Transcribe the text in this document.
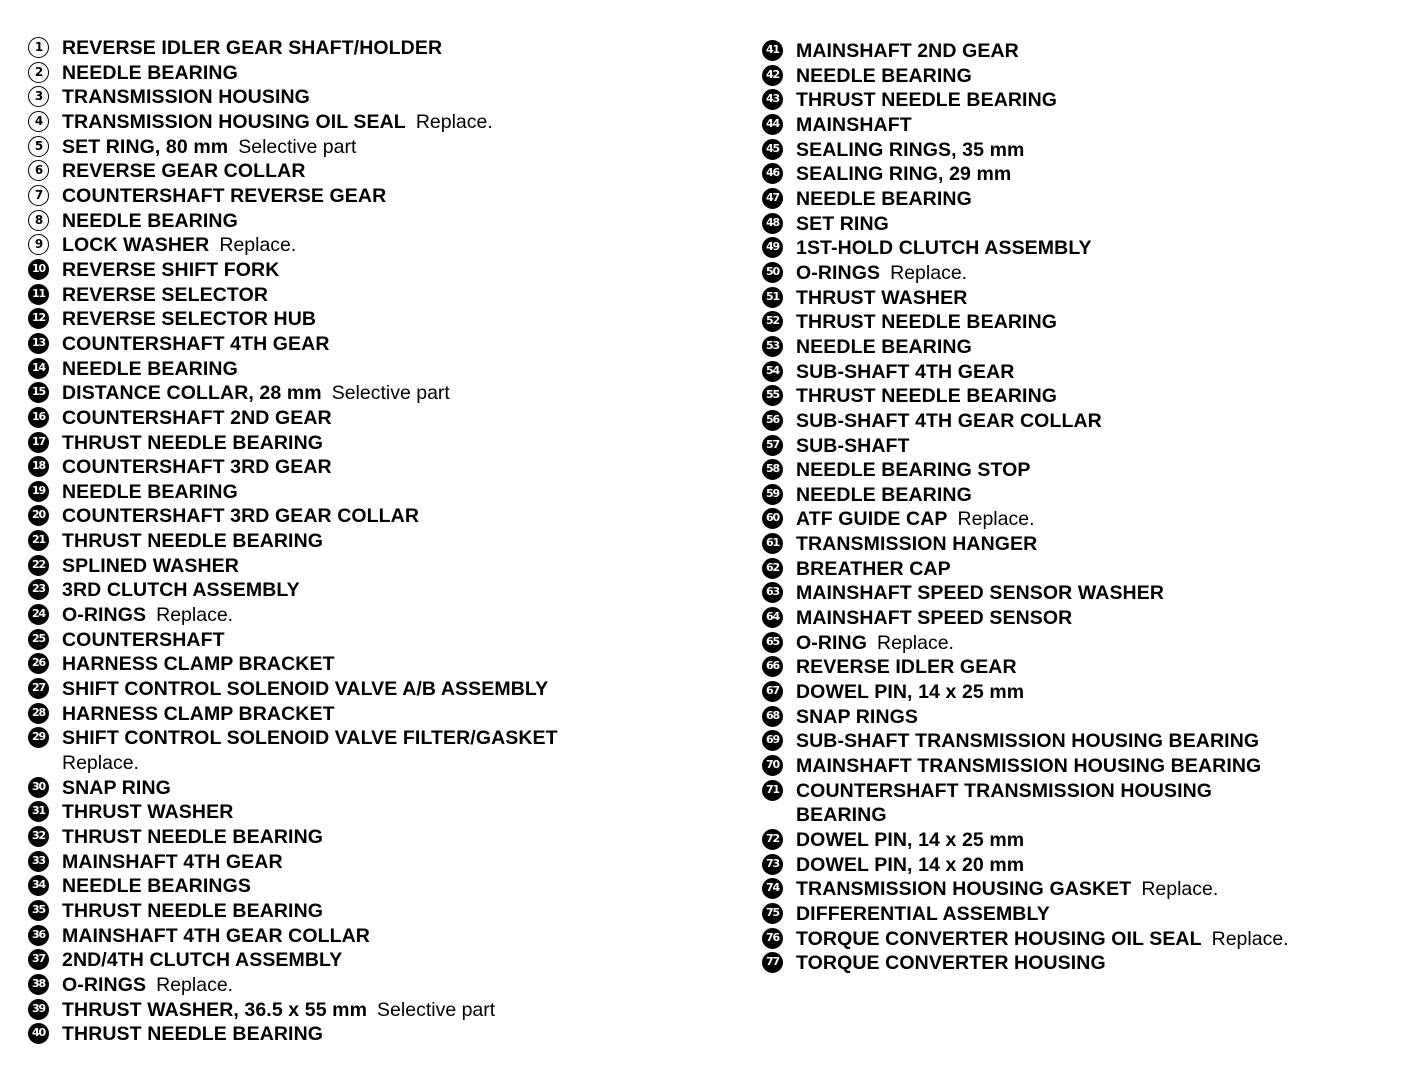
1	REVERSE IDLER GEAR SHAFT/HOLDER
2	NEEDLE BEARING
3	TRANSMISSION HOUSING
4	TRANSMISSION HOUSING OIL SEAL Replace.
5	SET RING, 80 mm Selective part
6	REVERSE GEAR COLLAR
7	COUNTERSHAFT REVERSE GEAR
8	NEEDLE BEARING
9	LOCK WASHER Replace.
10 REVERSE SHIFT FORK
11 REVERSE SELECTOR
12 REVERSE SELECTOR HUB
13 COUNTERSHAFT 4TH GEAR
14 NEEDLE BEARING
15 DISTANCE COLLAR, 28 mm Selective part
16 COUNTERSHAFT 2ND GEAR
17 THRUST NEEDLE BEARING
18 COUNTERSHAFT 3RD GEAR
19 NEEDLE BEARING
20 COUNTERSHAFT 3RD GEAR COLLAR
21 THRUST NEEDLE BEARING
22 SPLINED WASHER
23 3RD CLUTCH ASSEMBLY
24 O-RINGS Replace.
25 COUNTERSHAFT
26 HARNESS CLAMP BRACKET
27 SHIFT CONTROL SOLENOID VALVE A/B ASSEMBLY
28 HARNESS CLAMP BRACKET
29 SHIFT CONTROL SOLENOID VALVE FILTER/GASKET
Replace.
30 SNAP RING
31 THRUST WASHER
32 THRUST NEEDLE BEARING
33 MAINSHAFT 4TH GEAR
34 NEEDLE BEARINGS
35 THRUST NEEDLE BEARING
36 MAINSHAFT 4TH GEAR COLLAR
37 2ND/4TH CLUTCH ASSEMBLY
38 O-RINGS Replace.
39 THRUST WASHER, 36.5 x 55 mm Selective part
40 THRUST NEEDLE BEARING
41 MAINSHAFT 2ND GEAR
42 NEEDLE BEARING
43 THRUST NEEDLE BEARING
44 MAINSHAFT
45 SEALING RINGS, 35 mm
46 SEALING RING, 29 mm
47 NEEDLE BEARING
48 SET RING
49 1ST-HOLD CLUTCH ASSEMBLY
50 O-RINGS Replace.
51 THRUST WASHER
52 THRUST NEEDLE BEARING
53 NEEDLE BEARING
54 SUB-SHAFT 4TH GEAR
55 THRUST NEEDLE BEARING
56 SUB-SHAFT 4TH GEAR COLLAR
57 SUB-SHAFT
58 NEEDLE BEARING STOP
59 NEEDLE BEARING
60 ATF GUIDE CAP Replace.
61 TRANSMISSION HANGER
62 BREATHER CAP
63 MAINSHAFT SPEED SENSOR WASHER
64 MAINSHAFT SPEED SENSOR
65 O-RING Replace.
66 REVERSE IDLER GEAR
67 DOWEL PIN, 14 x 25 mm
68 SNAP RINGS
69 SUB-SHAFT TRANSMISSION HOUSING BEARING
70 MAINSHAFT TRANSMISSION HOUSING BEARING
71 COUNTERSHAFT TRANSMISSION HOUSING
BEARING
72 DOWEL PIN, 14 x 25 mm
73 DOWEL PIN, 14 x 20 mm
74 TRANSMISSION HOUSING GASKET Replace.
75 DIFFERENTIAL ASSEMBLY
76 TORQUE CONVERTER HOUSING OIL SEAL Replace.
77 TORQUE CONVERTER HOUSING
